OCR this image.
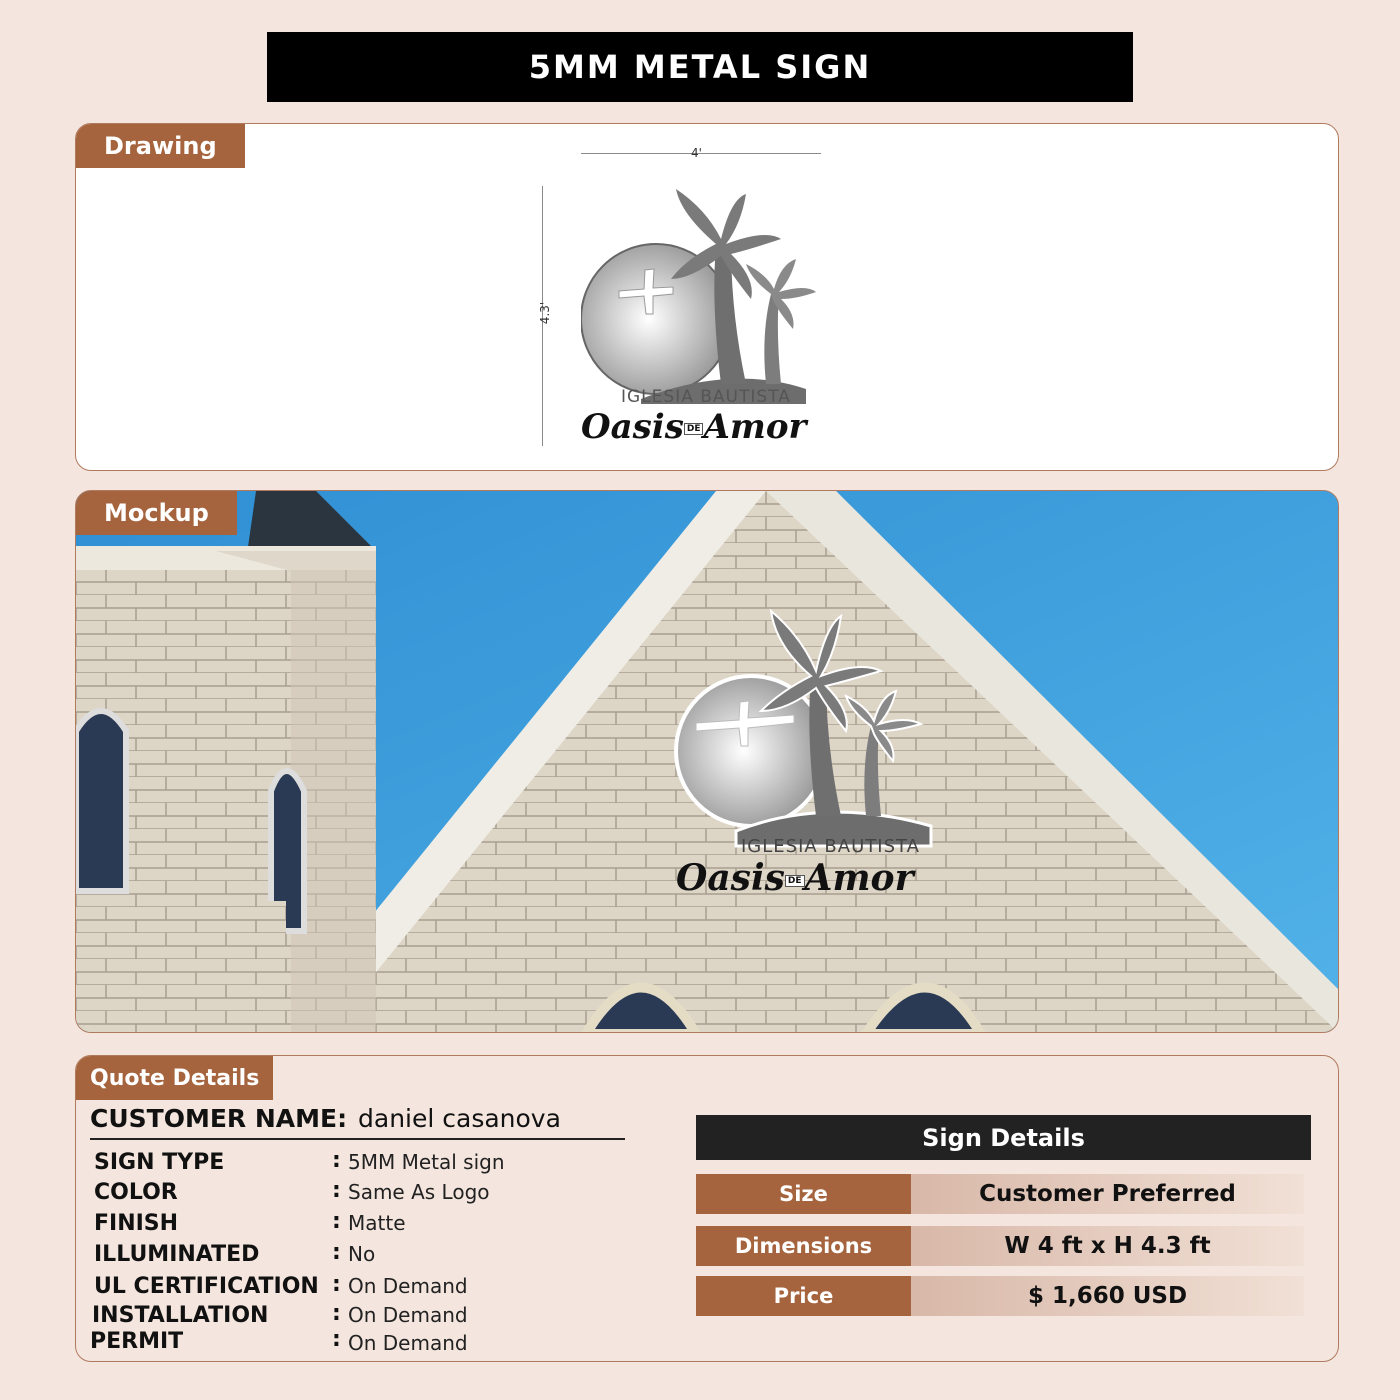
5MM METAL SIGN
Drawing	4'
4.3'
IGLESIA BAUTISTA
Oasis DEAmor
Mockup
IGLESIA BAUTISTA
Oasis DEAmor
Quote Details
CUSTOMER NAME: daniel casanova
SIGN TYPE	: 5MM Metal sign
COLOR	: Same As Logo
FINISH	: Matte
ILLUMINATED	: No
UL CERTIFICATION : On Demand
INSTALLATION	: On Demand
PERMIT	: On Demand
Sign Details
Size	Customer Preferred
Dimensions	W 4 ft x H 4.3 ft
Price	$ 1,660 USD
